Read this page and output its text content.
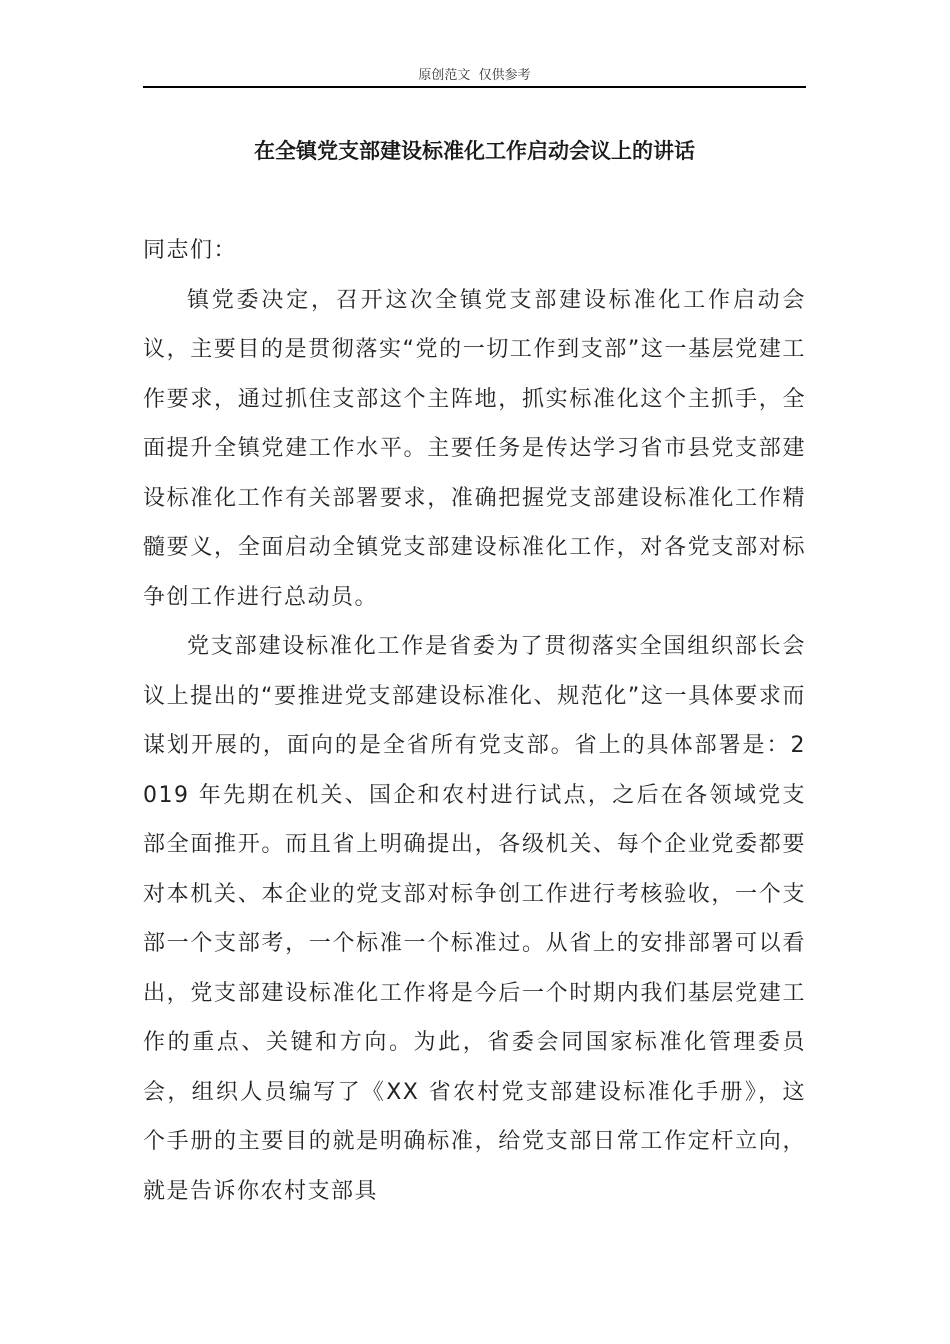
原创范文  仅供参考
在全镇党支部建设标准化工作启动会议上的讲话

同志们：

镇党委决定，召开这次全镇党支部建设标准化工作启动会议，主要目的是贯彻落实“党的一切工作到支部”这一基层党建工作要求，通过抓住支部这个主阵地，抓实标准化这个主抓手，全面提升全镇党建工作水平。主要任务是传达学习省市县党支部建设标准化工作有关部署要求，准确把握党支部建设标准化工作精髓要义，全面启动全镇党支部建设标准化工作，对各党支部对标争创工作进行总动员。

党支部建设标准化工作是省委为了贯彻落实全国组织部长会议上提出的“要推进党支部建设标准化、规范化”这一具体要求而谋划开展的，面向的是全省所有党支部。省上的具体部署是：2019 年先期在机关、国企和农村进行试点，之后在各领域党支部全面推开。而且省上明确提出，各级机关、每个企业党委都要对本机关、本企业的党支部对标争创工作进行考核验收，一个支部一个支部考，一个标准一个标准过。从省上的安排部署可以看出，党支部建设标准化工作将是今后一个时期内我们基层党建工作的重点、关键和方向。为此，省委会同国家标准化管理委员会，组织人员编写了《XX 省农村党支部建设标准化手册》，这个手册的主要目的就是明确标准，给党支部日常工作定杆立向，就是告诉你农村支部具
